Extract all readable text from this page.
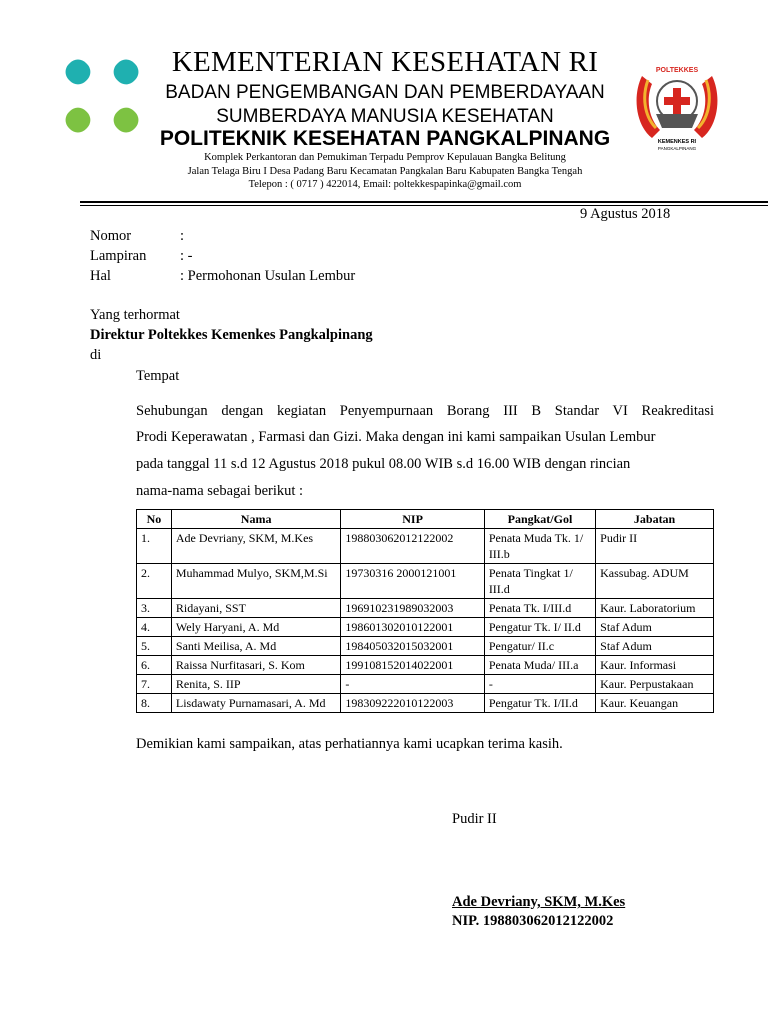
POLTEKKES
KEMENKES RI
PANGKALPINANG
KEMENTERIAN KESEHATAN RI
BADAN PENGEMBANGAN DAN PEMBERDAYAAN
SUMBERDAYA MANUSIA KESEHATAN
POLITEKNIK KESEHATAN PANGKALPINANG
Komplek Perkantoran dan Pemukiman Terpadu Pemprov Kepulauan Bangka Belitung
Jalan Telaga Biru I Desa Padang Baru Kecamatan Pangkalan Baru Kabupaten Bangka Tengah
Telepon : ( 0717 ) 422014, Email: poltekkespapinka@gmail.com
9 Agustus 2018
Nomor	:
Lampiran : -
Hal	: Permohonan Usulan Lembur
Yang terhormat
Direktur Poltekkes Kemenkes Pangkalpinang
di
Tempat
Sehubungan dengan kegiatan Penyempurnaan Borang III B Standar VI Reakreditasi
Prodi Keperawatan , Farmasi dan Gizi. Maka dengan ini kami sampaikan Usulan Lembur
pada tanggal 11 s.d 12 Agustus 2018 pukul 08.00 WIB s.d 16.00 WIB dengan rincian
nama-nama sebagai berikut :
No	Nama	NIP	Pangkat/Gol	Jabatan
1.	Ade Devriany, SKM, M.Kes	198803062012122002	Penata Muda Tk. 1/ III.b	Pudir II
2.	Muhammad Mulyo, SKM,M.Si	19730316 2000121001	Penata Tingkat 1/ III.d	Kassubag. ADUM
3.	Ridayani, SST	196910231989032003	Penata Tk. I/III.d	Kaur. Laboratorium
4.	Wely Haryani, A. Md	198601302010122001	Pengatur Tk. I/ II.d	Staf Adum
5.	Santi Meilisa, A. Md	198405032015032001	Pengatur/ II.c	Staf Adum
6.	Raissa Nurfitasari, S. Kom	199108152014022001	Penata Muda/ III.a	Kaur. Informasi
7.	Renita, S. IIP	-	-	Kaur. Perpustakaan
8.	Lisdawaty Purnamasari, A. Md	198309222010122003	Pengatur Tk. I/II.d	Kaur. Keuangan
Demikian kami sampaikan, atas perhatiannya kami ucapkan terima kasih.
Pudir II
Ade Devriany, SKM, M.Kes
NIP. 198803062012122002
